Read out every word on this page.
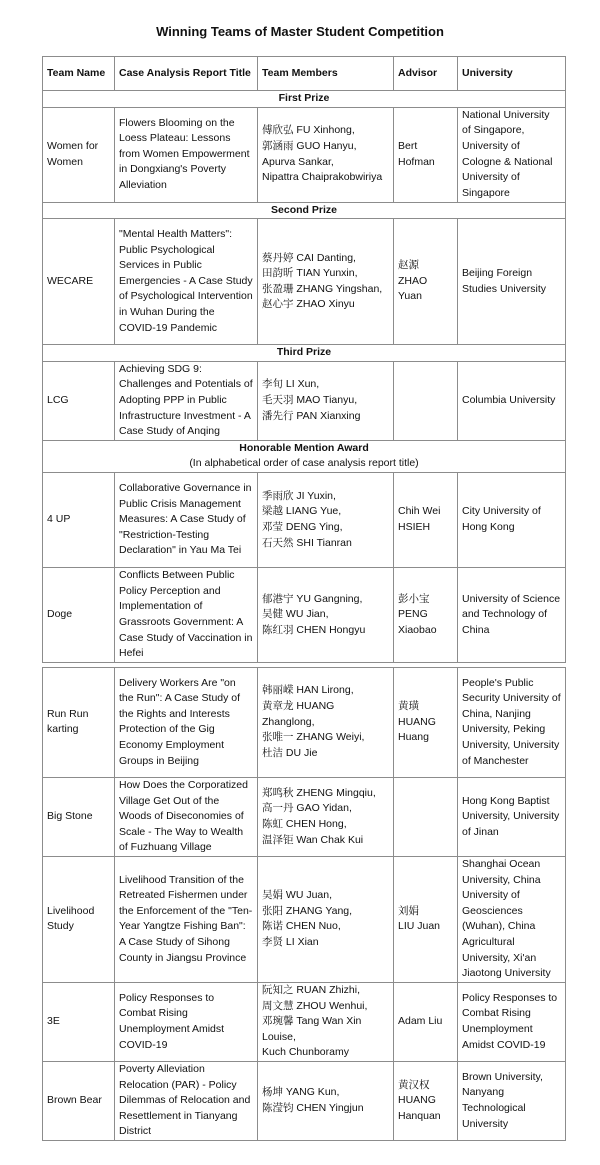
Winning Teams of Master Student Competition
Team Name	Case Analysis Report Title	Team Members	Advisor	University
First Prize				
Women for Women	Flowers Blooming on the Loess Plateau: Lessons from Women Empowerment in Dongxiang's Poverty Alleviation	傅欣弘 FU Xinhong,
郭涵雨 GUO Hanyu,
Apurva Sankar,
Nipattra Chaiprakobwiriya	Bert Hofman	National University of Singapore, University of Cologne & National University of Singapore
Second Prize				
WECARE	"Mental Health Matters": Public Psychological Services in Public Emergencies - A Case Study of Psychological Intervention in Wuhan During the COVID-19 Pandemic	蔡丹婷 CAI Danting,
田韵昕 TIAN Yunxin,
张盈珊 ZHANG Yingshan,
赵心宇 ZHAO Xinyu	赵源
ZHAO Yuan	Beijing Foreign Studies University
Third Prize				
LCG	Achieving SDG 9: Challenges and Potentials of Adopting PPP in Public Infrastructure Investment - A Case Study of Anqing	李旬 LI Xun,
毛天羽 MAO Tianyu,
潘先行 PAN Xianxing		Columbia University

Honorable Mention Award
(In alphabetical order of case analysis report title)				

4 UP	Collaborative Governance in Public Crisis Management Measures: A Case Study of "Restriction-Testing Declaration" in Yau Ma Tei	季雨欣 JI Yuxin,
梁越 LIANG Yue,
邓莹 DENG Ying,
石天然 SHI Tianran	Chih Wei HSIEH	City University of Hong Kong
Doge	Conflicts Between Public Policy Perception and Implementation of Grassroots Government: A Case Study of Vaccination in Hefei	郁港宁 YU Gangning,
吴健 WU Jian,
陈红羽 CHEN Hongyu	彭小宝
PENG Xiaobao	University of Science and Technology of China

Run Run karting	Delivery Workers Are "on the Run": A Case Study of the Rights and Interests Protection of the Gig Economy Employment Groups in Beijing	韩丽嵘 HAN Lirong,
黄章龙 HUANG Zhanglong,
张唯一 ZHANG Weiyi,
杜洁 DU Jie	黄璜
HUANG Huang	People's Public Security University of China, Nanjing University, Peking University, University of Manchester
Big Stone	How Does the Corporatized Village Get Out of the Woods of Diseconomies of Scale - The Way to Wealth of Fuzhuang Village	郑鸣秋 ZHENG Mingqiu,
高一丹 GAO Yidan,
陈虹 CHEN Hong,
温泽钜 Wan Chak Kui		Hong Kong Baptist University, University of Jinan
Livelihood Study	Livelihood Transition of the Retreated Fishermen under the Enforcement of the "Ten-Year Yangtze Fishing Ban": A Case Study of Sihong County in Jiangsu Province	吴娟 WU Juan,
张阳 ZHANG Yang,
陈诺 CHEN Nuo,
李贤 LI Xian	刘娟
LIU Juan	Shanghai Ocean University, China University of Geosciences (Wuhan), China Agricultural University, Xi'an Jiaotong University
3E	Policy Responses to Combat Rising Unemployment Amidst COVID-19	阮知之 RUAN Zhizhi,
周文慧 ZHOU Wenhui,
邓琬馨 Tang Wan Xin Louise,
Kuch Chunboramy	Adam Liu	Policy Responses to Combat Rising Unemployment Amidst COVID-19
Brown Bear	Poverty Alleviation Relocation (PAR) - Policy Dilemmas of Relocation and Resettlement in Tianyang District	杨坤 YANG Kun,
陈滢钧 CHEN Yingjun	黄汉权
HUANG Hanquan	Brown University, Nanyang Technological University
